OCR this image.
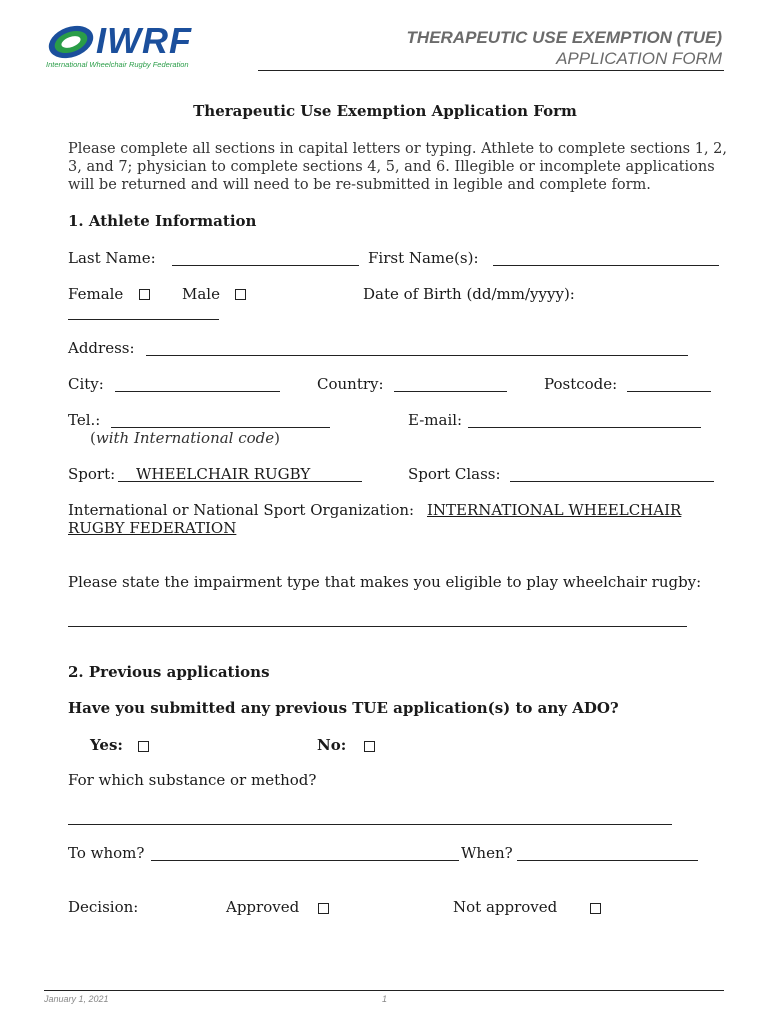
IWRF
International Wheelchair Rugby Federation
THERAPEUTIC USE EXEMPTION (TUE)
APPLICATION FORM
Therapeutic Use Exemption Application Form
Please complete all sections in capital letters or typing. Athlete to complete sections 1, 2,
3, and 7; physician to complete sections 4, 5, and 6. Illegible or incomplete applications
will be returned and will need to be re-submitted in legible and complete form.
1. Athlete Information
Last Name:	First Name(s):
Female	Male	Date of Birth (dd/mm/yyyy):
Address:
City:	Country:	Postcode:
Tel.:
(with International code)
E-mail:
Sport: WHEELCHAIR RUGBY	Sport Class:
International or National Sport Organization: INTERNATIONAL WHEELCHAIR
RUGBY FEDERATION
Please state the impairment type that makes you eligible to play wheelchair rugby:
2. Previous applications
Have you submitted any previous TUE application(s) to any ADO?
Yes:	No:
For which substance or method?
To whom?	When?
Decision:	Approved	Not approved
January 1, 2021	1
